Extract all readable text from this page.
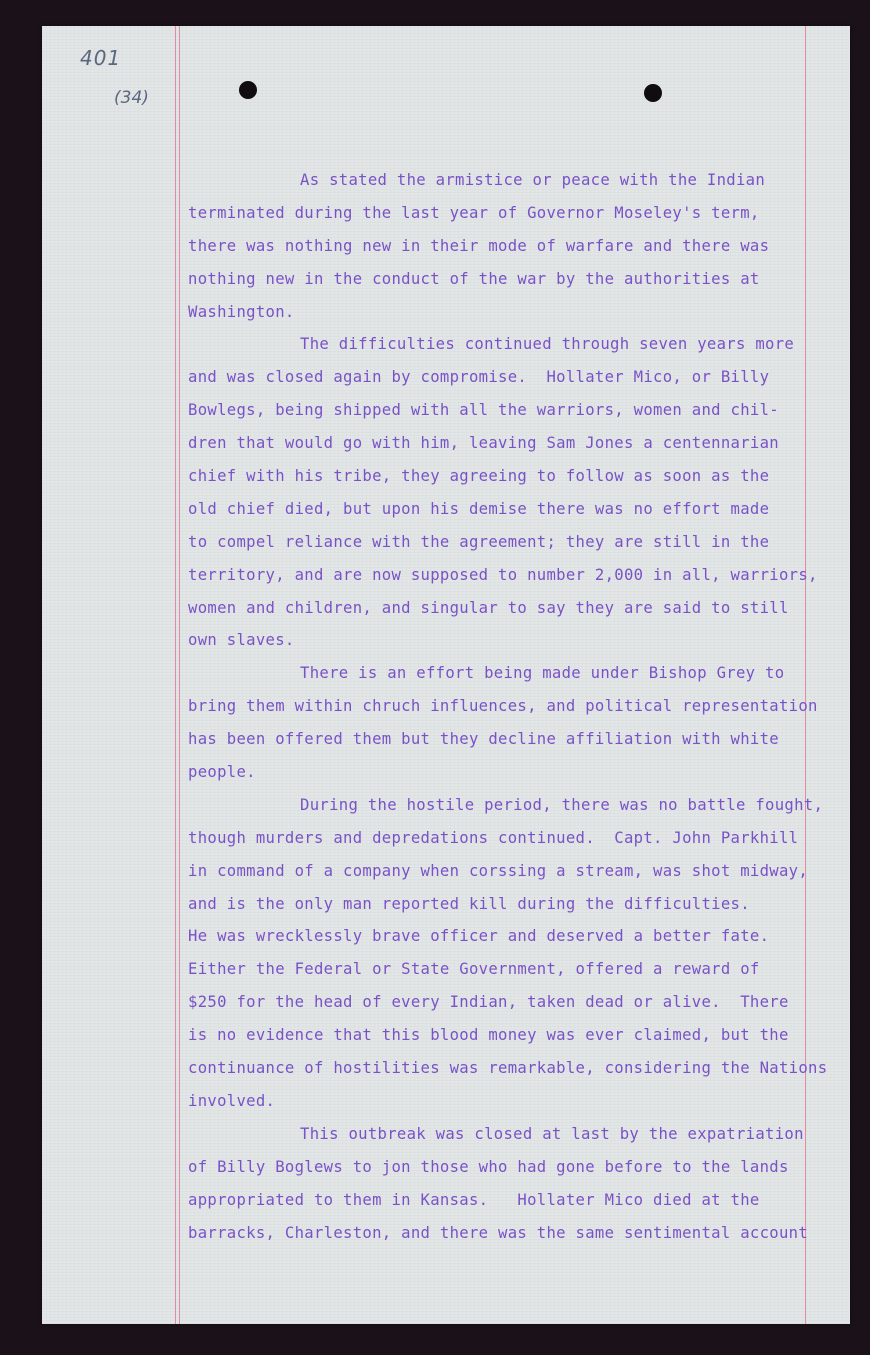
401
(34)
As stated the armistice or peace with the Indian
terminated during the last year of Governor Moseley's term,
there was nothing new in their mode of warfare and there was
nothing new in the conduct of the war by the authorities at
Washington.
The difficulties continued through seven years more
and was closed again by compromise.  Hollater Mico, or Billy
Bowlegs, being shipped with all the warriors, women and chil-
dren that would go with him, leaving Sam Jones a centennarian
chief with his tribe, they agreeing to follow as soon as the
old chief died, but upon his demise there was no effort made
to compel reliance with the agreement; they are still in the
territory, and are now supposed to number 2,000 in all, warriors,
women and children, and singular to say they are said to still
own slaves.
There is an effort being made under Bishop Grey to
bring them within chruch influences, and political representation
has been offered them but they decline affiliation with white
people.
During the hostile period, there was no battle fought,
though murders and depredations continued.  Capt. John Parkhill
in command of a company when corssing a stream, was shot midway,
and is the only man reported kill during the difficulties.
He was wrecklessly brave officer and deserved a better fate.
Either the Federal or State Government, offered a reward of
$250 for the head of every Indian, taken dead or alive.  There
is no evidence that this blood money was ever claimed, but the
continuance of hostilities was remarkable, considering the Nations
involved.
This outbreak was closed at last by the expatriation
of Billy Boglews to jon those who had gone before to the lands
appropriated to them in Kansas.   Hollater Mico died at the
barracks, Charleston, and there was the same sentimental account
